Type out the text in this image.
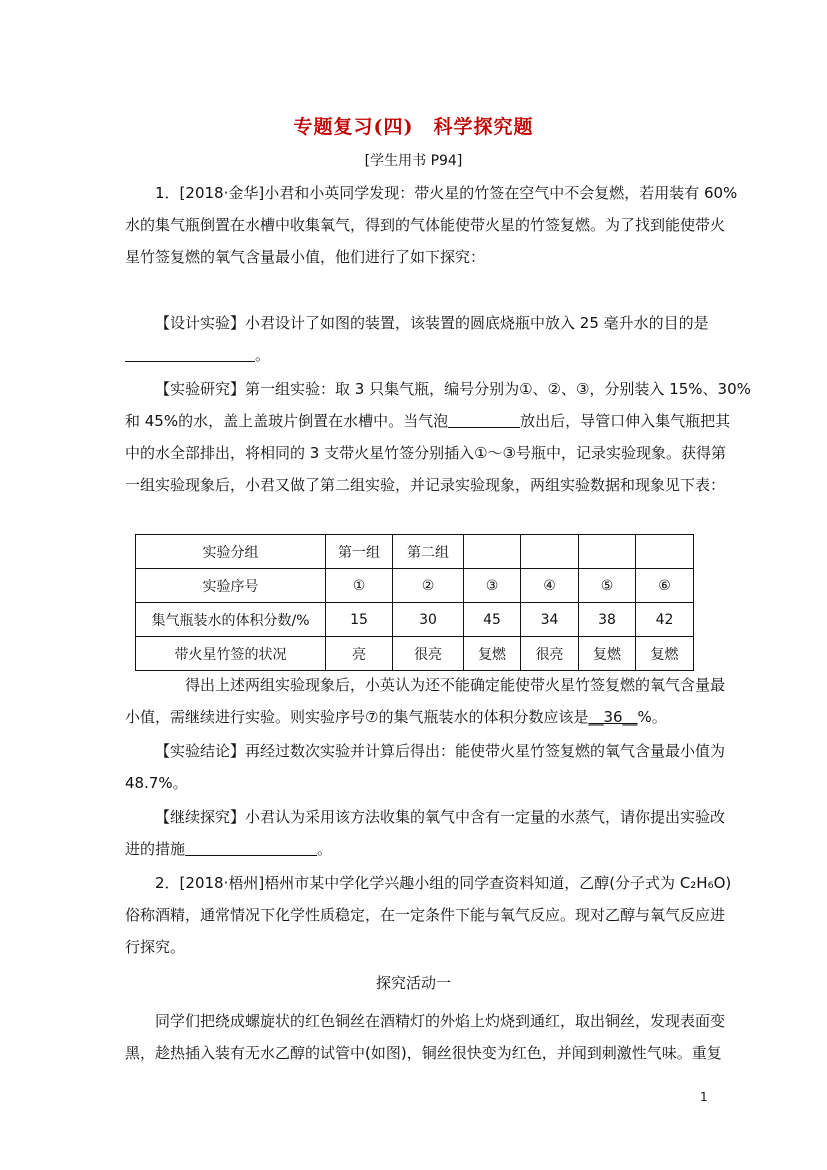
专题复习(四)　科学探究题
[学生用书 P94]
1．[2018·金华]小君和小英同学发现：带火星的竹签在空气中不会复燃，若用装有 60%
水的集气瓶倒置在水槽中收集氧气，得到的气体能使带火星的竹签复燃。为了找到能使带火
星竹签复燃的氧气含量最小值，他们进行了如下探究：
【设计实验】小君设计了如图的装置，该装置的圆底烧瓶中放入 25 毫升水的目的是
。
【实验研究】第一组实验：取 3 只集气瓶，编号分别为①、②、③，分别装入 15%、30%
和 45%的水，盖上盖玻片倒置在水槽中。当气泡	放出后，导管口伸入集气瓶把其
中的水全部排出，将相同的 3 支带火星竹签分别插入①～③号瓶中，记录实验现象。获得第
一组实验现象后，小君又做了第二组实验，并记录实验现象，两组实验数据和现象见下表：
实验分组	第一组	第二组				
实验序号	①	②	③	④	⑤	⑥
集气瓶装水的体积分数/%	15	30	45	34	38	42
带火星竹签的状况	亮	很亮	复燃	很亮	复燃	复燃
得出上述两组实验现象后，小英认为还不能确定能使带火星竹签复燃的氧气含量最
小值，需继续进行实验。则实验序号⑦的集气瓶装水的体积分数应该是__36__%。
【实验结论】再经过数次实验并计算后得出：能使带火星竹签复燃的氧气含量最小值为
48.7%。
【继续探究】小君认为采用该方法收集的氧气中含有一定量的水蒸气，请你提出实验改
进的措施	。
2．[2018·梧州]梧州市某中学化学兴趣小组的同学查资料知道，乙醇(分子式为 C₂H₆O)
俗称酒精，通常情况下化学性质稳定，在一定条件下能与氧气反应。现对乙醇与氧气反应进
行探究。
探究活动一
同学们把绕成螺旋状的红色铜丝在酒精灯的外焰上灼烧到通红，取出铜丝，发现表面变
黑，趁热插入装有无水乙醇的试管中(如图)，铜丝很快变为红色，并闻到刺激性气味。重复
1
